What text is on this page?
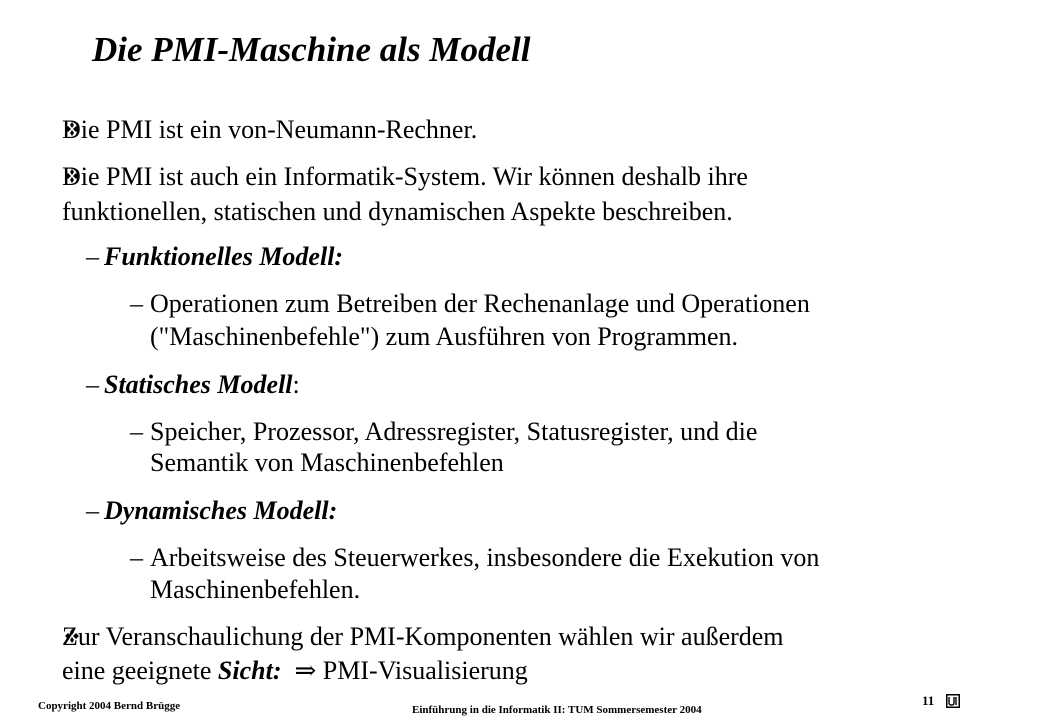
Die PMI-Maschine als Modell
Die PMI ist ein von-Neumann-Rechner.
Die PMI ist auch ein Informatik-System. Wir können deshalb ihre
funktionellen, statischen und dynamischen Aspekte beschreiben.
– Funktionelles Modell:
– Operationen zum Betreiben der Rechenanlage und Operationen
("Maschinenbefehle") zum Ausführen von Programmen.
– Statisches Modell:
– Speicher, Prozessor, Adressregister, Statusregister, und die
Semantik von Maschinenbefehlen
– Dynamisches Modell:
– Arbeitsweise des Steuerwerkes, insbesondere die Exekution von
Maschinenbefehlen.
Zur Veranschaulichung der PMI-Komponenten wählen wir außerdem
eine geeignete Sicht: ⇒ PMI-Visualisierung
Copyright 2004 Bernd Brügge	Einführung in die Informatik II: TUM Sommersemester 2004
11
